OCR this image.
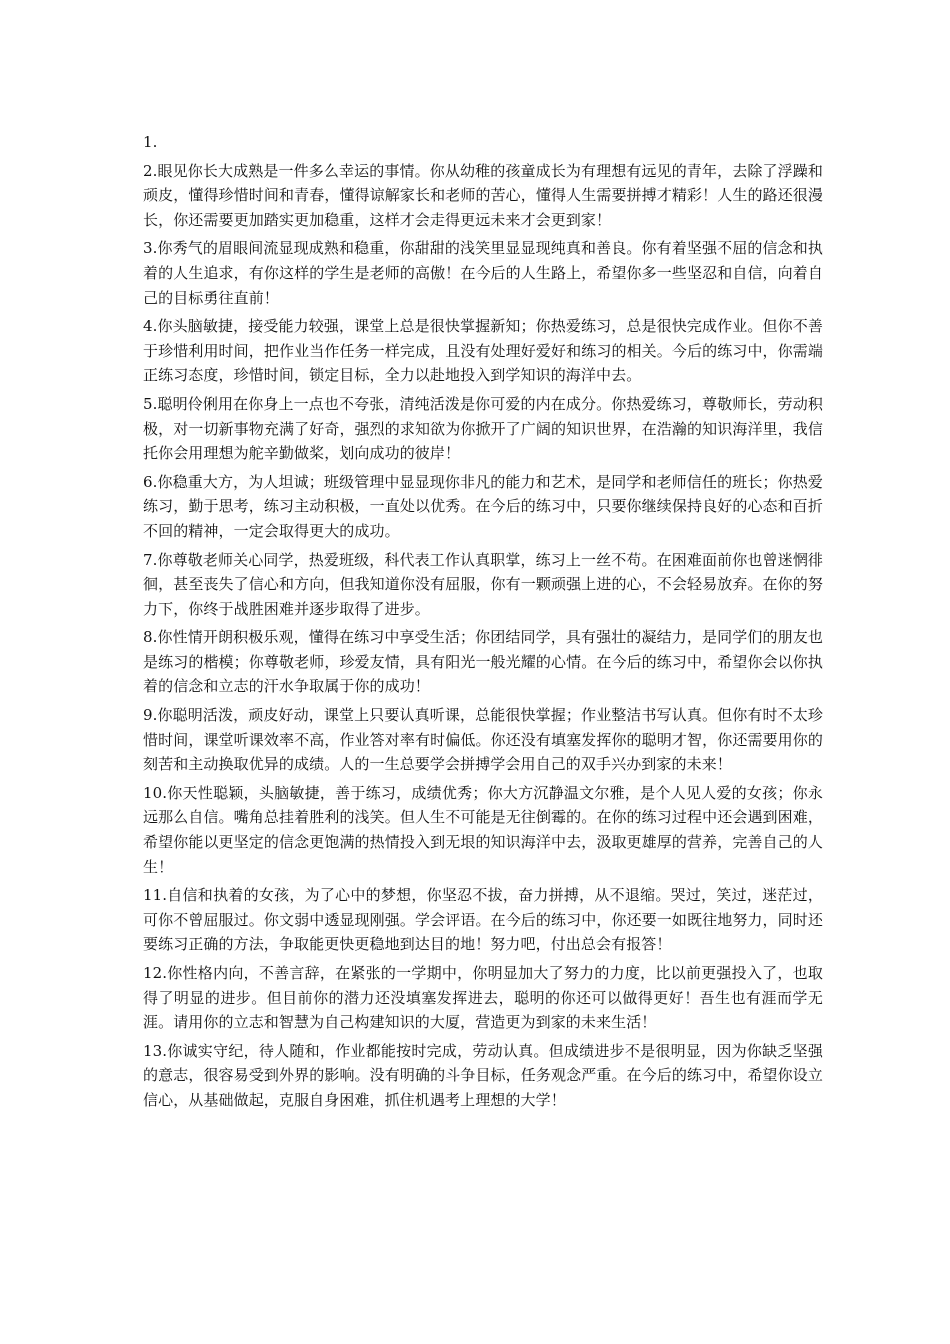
1.

2.眼见你长大成熟是一件多么幸运的事情。你从幼稚的孩童成长为有理想有远见的青年，去除了浮躁和顽皮，懂得珍惜时间和青春，懂得谅解家长和老师的苦心，懂得人生需要拼搏才精彩！人生的路还很漫长，你还需要更加踏实更加稳重，这样才会走得更远未来才会更到家！

3.你秀气的眉眼间流显现成熟和稳重，你甜甜的浅笑里显显现纯真和善良。你有着坚强不屈的信念和执着的人生追求，有你这样的学生是老师的高傲！在今后的人生路上，希望你多一些坚忍和自信，向着自己的目标勇往直前！

4.你头脑敏捷，接受能力较强，课堂上总是很快掌握新知；你热爱练习，总是很快完成作业。但你不善于珍惜利用时间，把作业当作任务一样完成，且没有处理好爱好和练习的相关。今后的练习中，你需端正练习态度，珍惜时间，锁定目标，全力以赴地投入到学知识的海洋中去。

5.聪明伶俐用在你身上一点也不夸张，清纯活泼是你可爱的内在成分。你热爱练习，尊敬师长，劳动积极，对一切新事物充满了好奇，强烈的求知欲为你掀开了广阔的知识世界，在浩瀚的知识海洋里，我信托你会用理想为舵辛勤做桨，划向成功的彼岸！

6.你稳重大方，为人坦诚；班级管理中显显现你非凡的能力和艺术，是同学和老师信任的班长；你热爱练习，勤于思考，练习主动积极，一直处以优秀。在今后的练习中，只要你继续保持良好的心态和百折不回的精神，一定会取得更大的成功。

7.你尊敬老师关心同学，热爱班级，科代表工作认真职掌，练习上一丝不苟。在困难面前你也曾迷惘徘徊，甚至丧失了信心和方向，但我知道你没有屈服，你有一颗顽强上进的心，不会轻易放弃。在你的努力下，你终于战胜困难并逐步取得了进步。

8.你性情开朗积极乐观，懂得在练习中享受生活；你团结同学，具有强壮的凝结力，是同学们的朋友也是练习的楷模；你尊敬老师，珍爱友情，具有阳光一般光耀的心情。在今后的练习中，希望你会以你执着的信念和立志的汗水争取属于你的成功！

9.你聪明活泼，顽皮好动，课堂上只要认真听课，总能很快掌握；作业整洁书写认真。但你有时不太珍惜时间，课堂听课效率不高，作业答对率有时偏低。你还没有填塞发挥你的聪明才智，你还需要用你的刻苦和主动换取优异的成绩。人的一生总要学会拼搏学会用自己的双手兴办到家的未来！

10.你天性聪颖，头脑敏捷，善于练习，成绩优秀；你大方沉静温文尔雅，是个人见人爱的女孩；你永远那么自信。嘴角总挂着胜利的浅笑。但人生不可能是无往倒霉的。在你的练习过程中还会遇到困难，希望你能以更坚定的信念更饱满的热情投入到无垠的知识海洋中去，汲取更雄厚的营养，完善自己的人生！

11.自信和执着的女孩，为了心中的梦想，你坚忍不拔，奋力拼搏，从不退缩。哭过，笑过，迷茫过，可你不曾屈服过。你文弱中透显现刚强。学会评语。在今后的练习中，你还要一如既往地努力，同时还要练习正确的方法，争取能更快更稳地到达目的地！努力吧，付出总会有报答！

12.你性格内向，不善言辞，在紧张的一学期中，你明显加大了努力的力度，比以前更强投入了，也取得了明显的进步。但目前你的潜力还没填塞发挥进去，聪明的你还可以做得更好！吾生也有涯而学无涯。请用你的立志和智慧为自己构建知识的大厦，营造更为到家的未来生活！

13.你诚实守纪，待人随和，作业都能按时完成，劳动认真。但成绩进步不是很明显，因为你缺乏坚强的意志，很容易受到外界的影响。没有明确的斗争目标，任务观念严重。在今后的练习中，希望你设立信心，从基础做起，克服自身困难，抓住机遇考上理想的大学！
